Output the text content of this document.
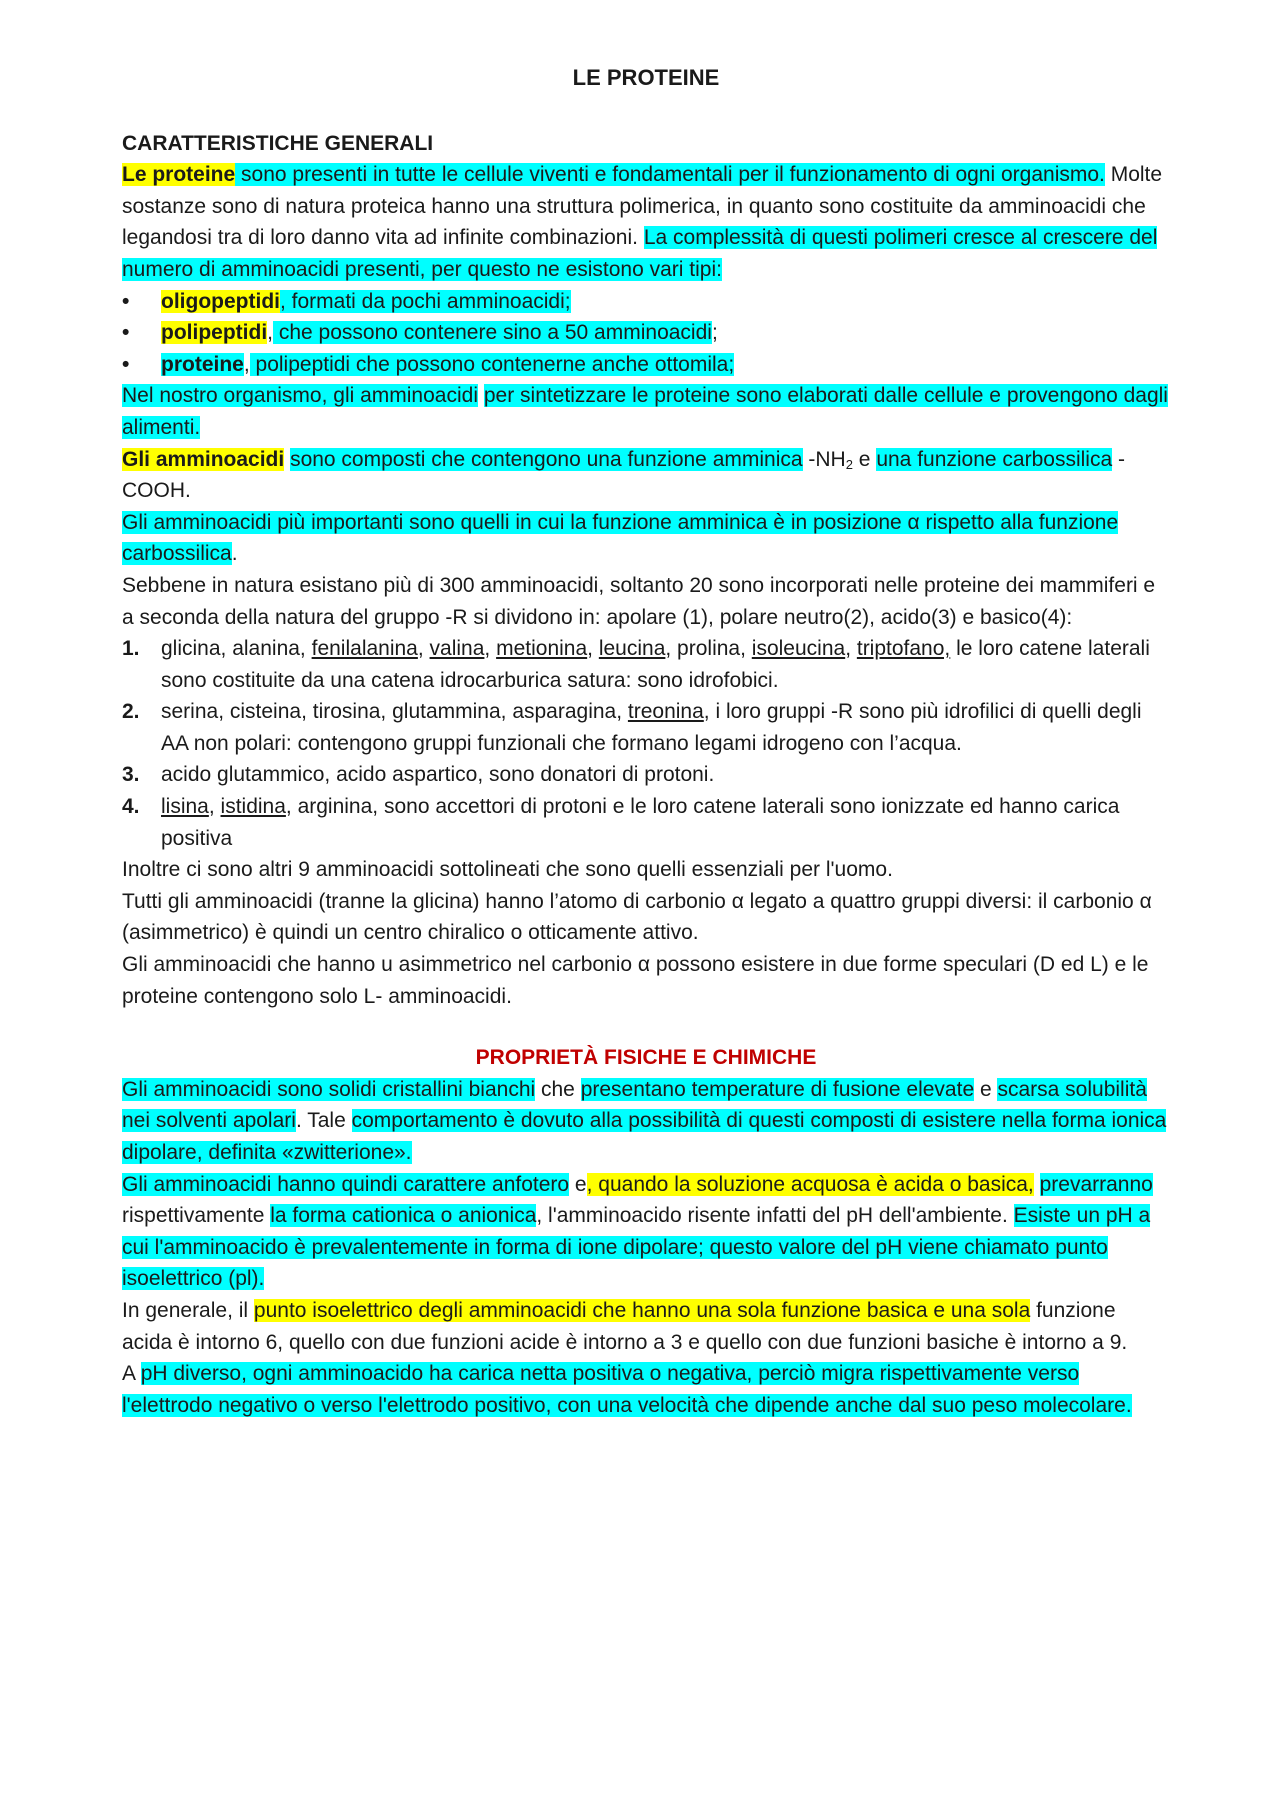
LE PROTEINE
CARATTERISTICHE GENERALI

Le proteine sono presenti in tutte le cellule viventi e fondamentali per il funzionamento di ogni organismo. Molte sostanze sono di natura proteica hanno una struttura polimerica, in quanto sono costituite da amminoacidi che legandosi tra di loro danno vita ad infinite combinazioni. La complessità di questi polimeri cresce al crescere del numero di amminoacidi presenti, per questo ne esistono vari tipi:

• oligopeptidi, formati da pochi amminoacidi;
• polipeptidi, che possono contenere sino a 50 amminoacidi;
• proteine, polipeptidi che possono contenerne anche ottomila;

Nel nostro organismo, gli amminoacidi per sintetizzare le proteine sono elaborati dalle cellule e provengono dagli alimenti.

Gli amminoacidi sono composti che contengono una funzione amminica $-NH_2$ e una funzione carbossilica -COOH.

Gli amminoacidi più importanti sono quelli in cui la funzione amminica è in posizione α rispetto alla funzione carbossilica.

Sebbene in natura esistano più di 300 amminoacidi, soltanto 20 sono incorporati nelle proteine dei mammiferi e a seconda della natura del gruppo -R si dividono in: apolare (1), polare neutro(2), acido(3) e basico(4):

1. glicina, alanina, fenilalanina, valina, metionina, leucina, prolina, isoleucina, triptofano, le loro catene laterali sono costituite da una catena idrocarburica satura: sono idrofobici.
2. serina, cisteina, tirosina, glutammina, asparagina, treonina, i loro gruppi -R sono più idrofilici di quelli degli AA non polari: contengono gruppi funzionali che formano legami idrogeno con l’acqua.
3. acido glutammico, acido aspartico, sono donatori di protoni.
4. lisina, istidina, arginina, sono accettori di protoni e le loro catene laterali sono ionizzate ed hanno carica positiva

Inoltre ci sono altri 9 amminoacidi sottolineati che sono quelli essenziali per l'uomo.

Tutti gli amminoacidi (tranne la glicina) hanno l’atomo di carbonio α legato a quattro gruppi diversi: il carbonio α (asimmetrico) è quindi un centro chiralico o otticamente attivo.

Gli amminoacidi che hanno u asimmetrico nel carbonio α possono esistere in due forme speculari (D ed L) e le proteine contengono solo L- amminoacidi.

PROPRIETÀ FISICHE E CHIMICHE

Gli amminoacidi sono solidi cristallini bianchi che presentano temperature di fusione elevate e scarsa solubilità nei solventi apolari. Tale comportamento è dovuto alla possibilità di questi composti di esistere nella forma ionica dipolare, definita «zwitterione».

Gli amminoacidi hanno quindi carattere anfotero e, quando la soluzione acquosa è acida o basica, prevarranno rispettivamente la forma cationica o anionica, l'amminoacido risente infatti del pH dell'ambiente. Esiste un pH a cui l'amminoacido è prevalentemente in forma di ione dipolare; questo valore del pH viene chiamato punto isoelettrico (pl).

In generale, il punto isoelettrico degli amminoacidi che hanno una sola funzione basica e una sola funzione acida è intorno 6, quello con due funzioni acide è intorno a 3 e quello con due funzioni basiche è intorno a 9.

A pH diverso, ogni amminoacido ha carica netta positiva o negativa, perciò migra rispettivamente verso l'elettrodo negativo o verso l'elettrodo positivo, con una velocità che dipende anche dal suo peso molecolare.
